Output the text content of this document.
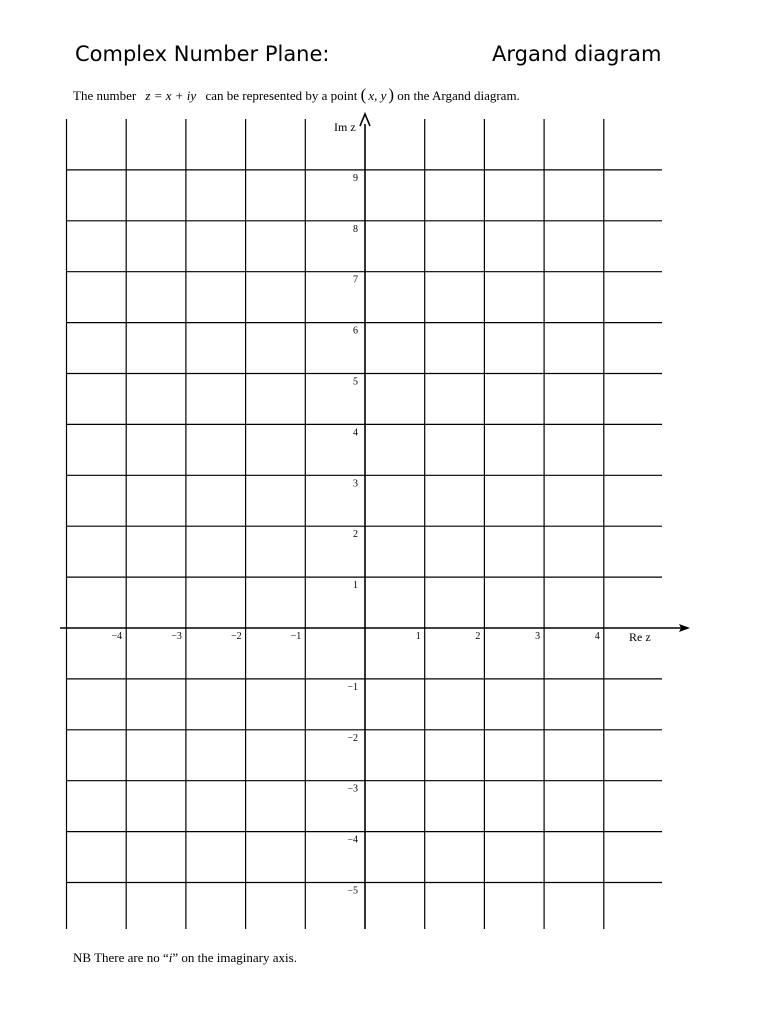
Complex Number Plane:	Argand diagram
The number z = x + iy can be represented by a point ( x, y ) on the Argand diagram.
−4	−3	−2	−1	1	2	3	4
9
8
7
6
5
4
3
2
1
−1
−2
−3
−4
−5
Re z
Im z
NB There are no “i” on the imaginary axis.
